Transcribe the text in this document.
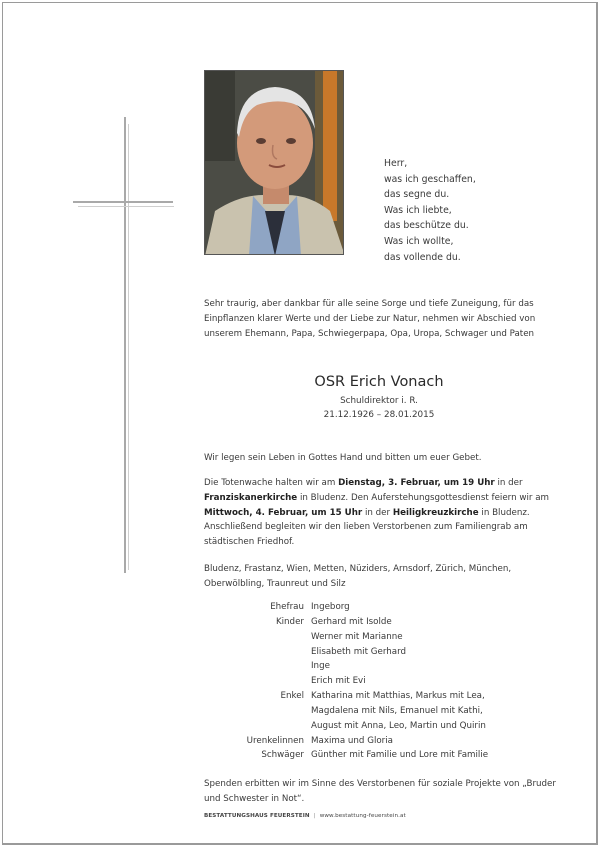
Herr,
was ich geschaffen,
das segne du.
Was ich liebte,
das beschütze du.
Was ich wollte,
das vollende du.
Sehr traurig, aber dankbar für alle seine Sorge und tiefe Zuneigung, für das Einpflanzen klarer Werte und der Liebe zur Natur, nehmen wir Abschied von unserem Ehemann, Papa, Schwiegerpapa, Opa, Uropa, Schwager und Paten
OSR Erich Vonach
Schuldirektor i. R.
21.12.1926 – 28.01.2015
Wir legen sein Leben in Gottes Hand und bitten um euer Gebet.
Die Totenwache halten wir am Dienstag, 3. Februar, um 19 Uhr in der Franziskanerkirche in Bludenz. Den Auferstehungsgottesdienst feiern wir am Mittwoch, 4. Februar, um 15 Uhr in der Heiligkreuzkirche in Bludenz. Anschließend begleiten wir den lieben Verstorbenen zum Familiengrab am städtischen Friedhof.
Bludenz, Frastanz, Wien, Metten, Nüziders, Arnsdorf, Zürich, München, Oberwölbling, Traunreut und Silz
Ehefrau Ingeborg
Kinder Gerhard mit Isolde
Werner mit Marianne
Elisabeth mit Gerhard
Inge
Erich mit Evi
Enkel Katharina mit Matthias, Markus mit Lea,
Magdalena mit Nils, Emanuel mit Kathi,
August mit Anna, Leo, Martin und Quirin
Urenkelinnen Maxima und Gloria
Schwäger Günther mit Familie und Lore mit Familie
Spenden erbitten wir im Sinne des Verstorbenen für soziale Projekte von „Bruder und Schwester in Not“.
BESTATTUNGSHAUS FEUERSTEIN | www.bestattung-feuerstein.at
